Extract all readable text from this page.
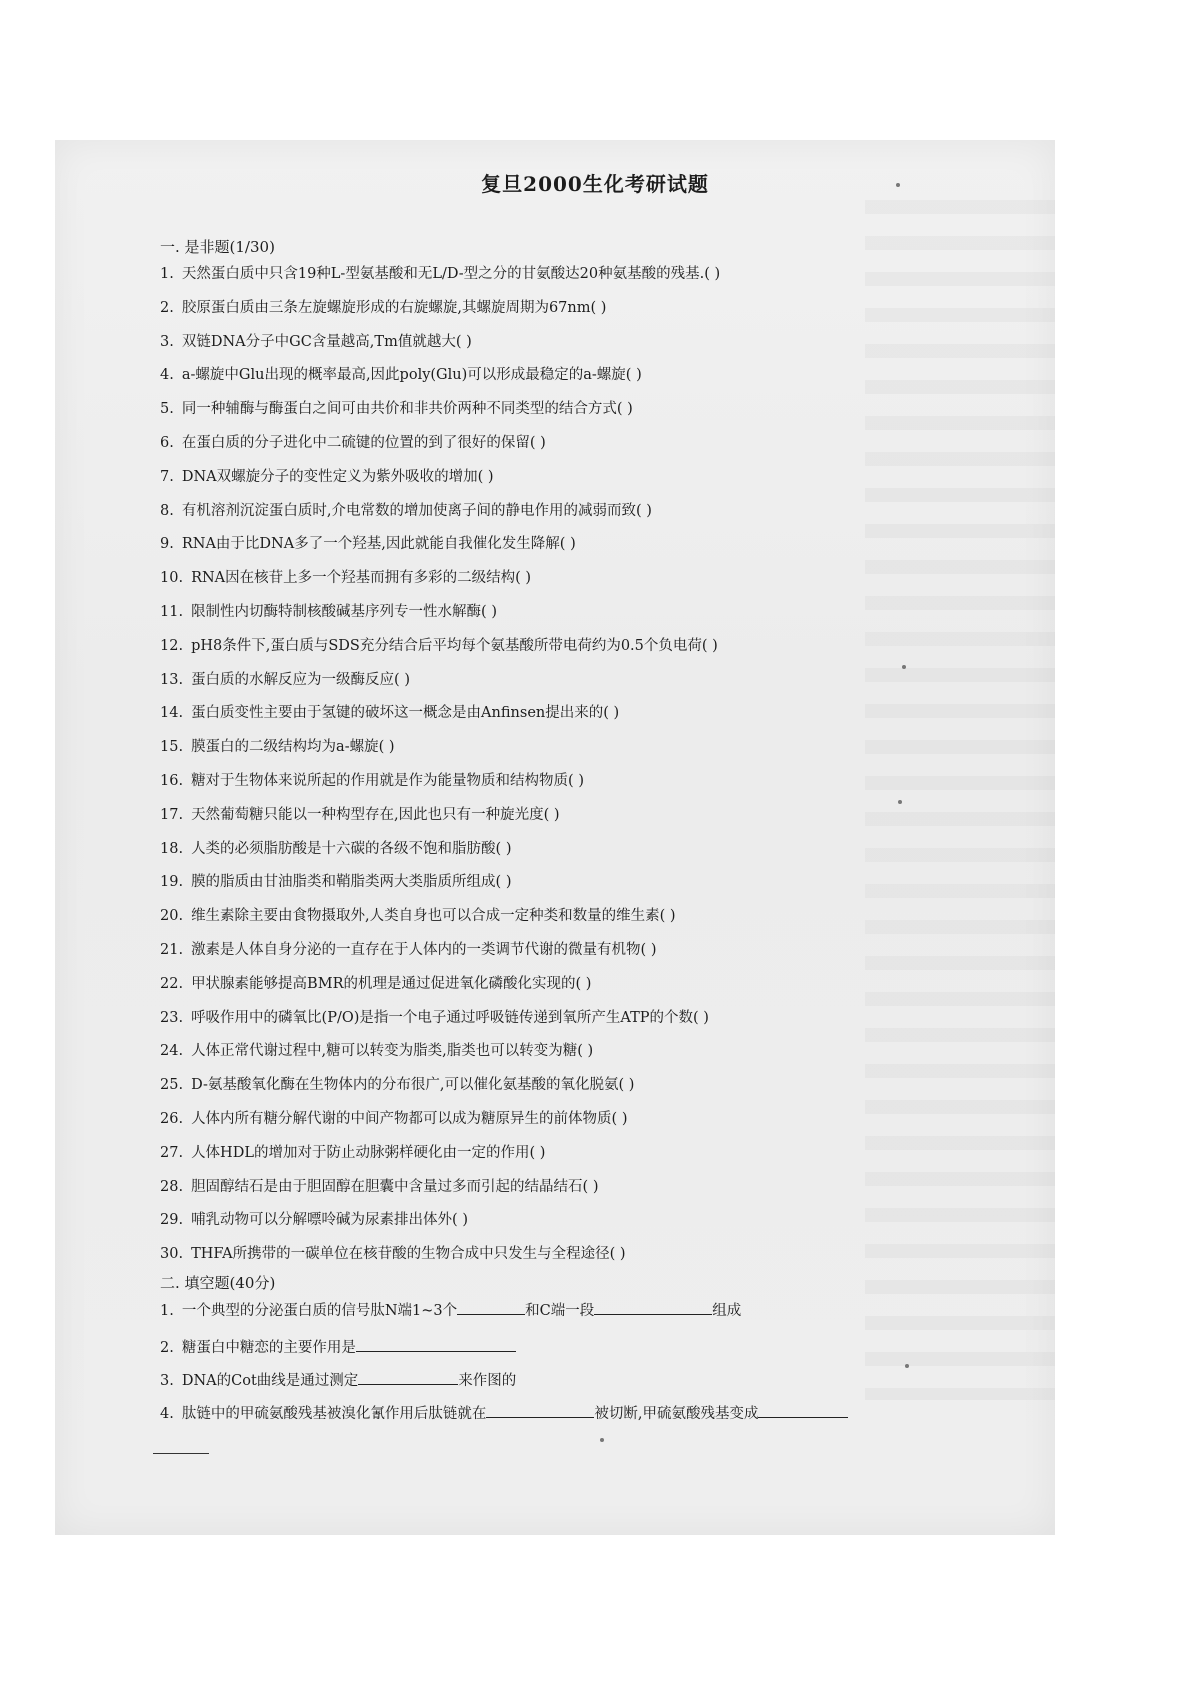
复旦2000生化考研试题
一. 是非题(1/30)
1. 天然蛋白质中只含19种L-型氨基酸和无L/D-型之分的甘氨酸达20种氨基酸的残基.( )
2. 胶原蛋白质由三条左旋螺旋形成的右旋螺旋,其螺旋周期为67nm( )
3. 双链DNA分子中GC含量越高,Tm值就越大( )
4. a-螺旋中Glu出现的概率最高,因此poly(Glu)可以形成最稳定的a-螺旋( )
5. 同一种辅酶与酶蛋白之间可由共价和非共价两种不同类型的结合方式( )
6. 在蛋白质的分子进化中二硫键的位置的到了很好的保留( )
7. DNA双螺旋分子的变性定义为紫外吸收的增加( )
8. 有机溶剂沉淀蛋白质时,介电常数的增加使离子间的静电作用的减弱而致( )
9. RNA由于比DNA多了一个羟基,因此就能自我催化发生降解( )
10. RNA因在核苷上多一个羟基而拥有多彩的二级结构( )
11. 限制性内切酶特制核酸碱基序列专一性水解酶( )
12. pH8条件下,蛋白质与SDS充分结合后平均每个氨基酸所带电荷约为0.5个负电荷( )
13. 蛋白质的水解反应为一级酶反应( )
14. 蛋白质变性主要由于氢键的破坏这一概念是由Anfinsen提出来的( )
15. 膜蛋白的二级结构均为a-螺旋( )
16. 糖对于生物体来说所起的作用就是作为能量物质和结构物质( )
17. 天然葡萄糖只能以一种构型存在,因此也只有一种旋光度( )
18. 人类的必须脂肪酸是十六碳的各级不饱和脂肪酸( )
19. 膜的脂质由甘油脂类和鞘脂类两大类脂质所组成( )
20. 维生素除主要由食物摄取外,人类自身也可以合成一定种类和数量的维生素( )
21. 激素是人体自身分泌的一直存在于人体内的一类调节代谢的微量有机物( )
22. 甲状腺素能够提高BMR的机理是通过促进氧化磷酸化实现的( )
23. 呼吸作用中的磷氧比(P/O)是指一个电子通过呼吸链传递到氧所产生ATP的个数( )
24. 人体正常代谢过程中,糖可以转变为脂类,脂类也可以转变为糖( )
25. D-氨基酸氧化酶在生物体内的分布很广,可以催化氨基酸的氧化脱氨( )
26. 人体内所有糖分解代谢的中间产物都可以成为糖原异生的前体物质( )
27. 人体HDL的增加对于防止动脉粥样硬化由一定的作用( )
28. 胆固醇结石是由于胆固醇在胆囊中含量过多而引起的结晶结石( )
29. 哺乳动物可以分解嘌呤碱为尿素排出体外( )
30. THFA所携带的一碳单位在核苷酸的生物合成中只发生与全程途径( )
二. 填空题(40分)
1. 一个典型的分泌蛋白质的信号肽N端1~3个	和C端一段	组成
2. 糖蛋白中糖恋的主要作用是
3. DNA的Cot曲线是通过测定	来作图的
4. 肽链中的甲硫氨酸残基被溴化氰作用后肽链就在	被切断,甲硫氨酸残基变成
